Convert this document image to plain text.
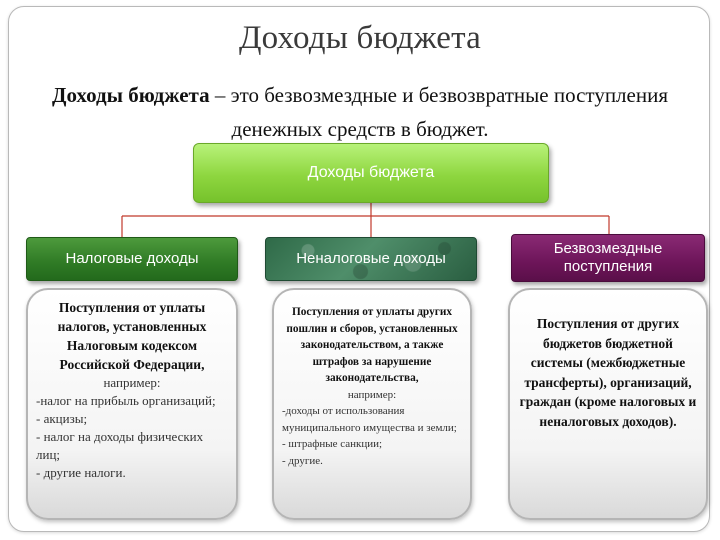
Доходы бюджета
Доходы бюджета – это безвозмездные и безвозвратные поступления денежных средств в бюджет.
Доходы бюджета
Налоговые доходы	Неналоговые доходы
Безвозмездные поступления
Поступления от уплаты налогов, установленных Налоговым кодексом Российской Федерации,
например:
-налог на прибыль организаций;
- акцизы;
- налог на доходы физических лиц;
- другие налоги.
Поступления от уплаты других пошлин и сборов, установленных законодательством, а также штрафов за нарушение законодательства,
например:
-доходы от использования муниципального имущества и земли;
- штрафные санкции;
- другие.
Поступления от других бюджетов бюджетной системы (межбюджетные трансферты), организаций, граждан (кроме налоговых и неналоговых доходов).
